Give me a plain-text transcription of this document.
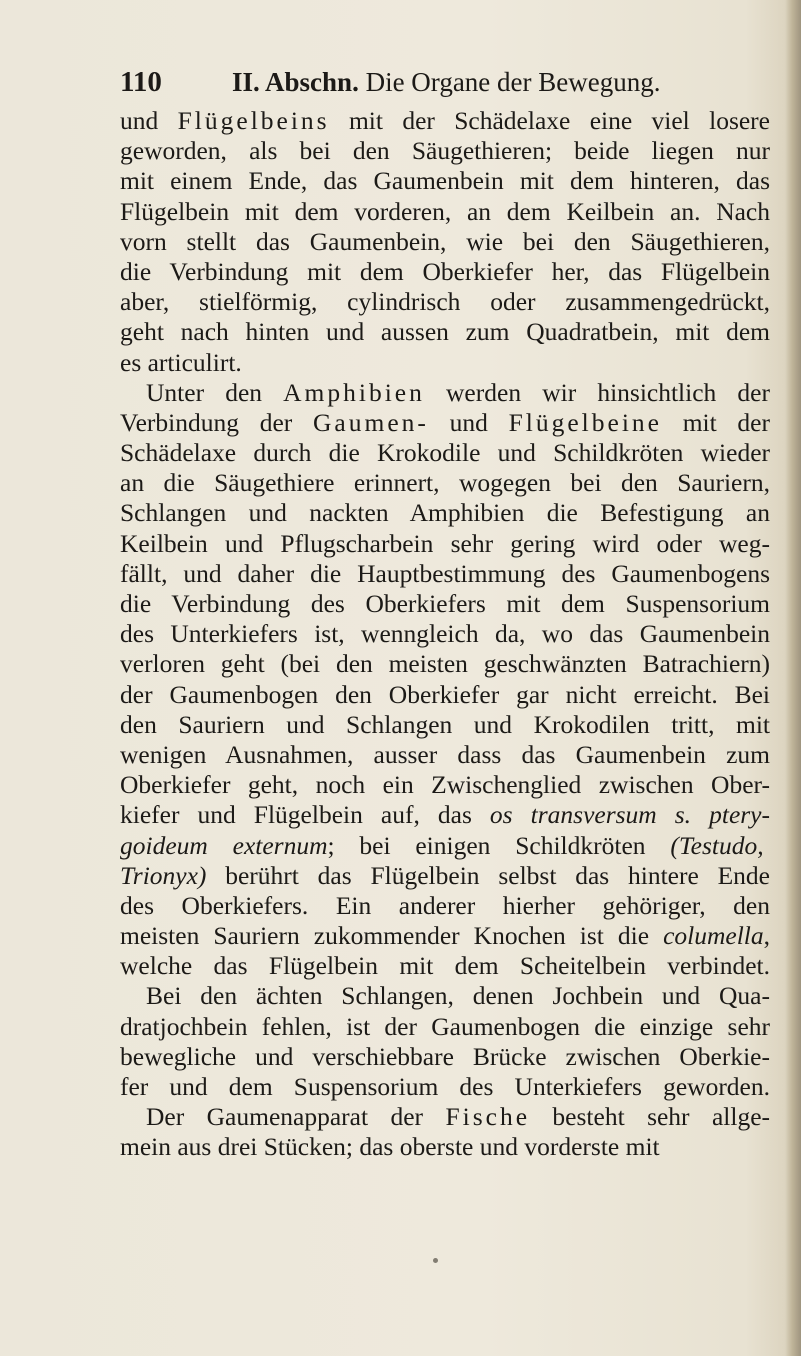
110	II. Abschn. Die Organe der Bewegung.
und Flügelbeins mit der Schädelaxe eine viel losere
geworden, als bei den Säugethieren; beide liegen nur
mit einem Ende, das Gaumenbein mit dem hinteren, das
Flügelbein mit dem vorderen, an dem Keilbein an. Nach
vorn stellt das Gaumenbein, wie bei den Säugethieren,
die Verbindung mit dem Oberkiefer her, das Flügelbein
aber, stielförmig, cylindrisch oder zusammengedrückt,
geht nach hinten und aussen zum Quadratbein, mit dem
es articulirt.
Unter den Amphibien werden wir hinsichtlich der
Verbindung der Gaumen- und Flügelbeine mit der
Schädelaxe durch die Krokodile und Schildkröten wieder
an die Säugethiere erinnert, wogegen bei den Sauriern,
Schlangen und nackten Amphibien die Befestigung an
Keilbein und Pflugscharbein sehr gering wird oder weg-
fällt, und daher die Hauptbestimmung des Gaumenbogens
die Verbindung des Oberkiefers mit dem Suspensorium
des Unterkiefers ist, wenngleich da, wo das Gaumenbein
verloren geht (bei den meisten geschwänzten Batrachiern)
der Gaumenbogen den Oberkiefer gar nicht erreicht. Bei
den Sauriern und Schlangen und Krokodilen tritt, mit
wenigen Ausnahmen, ausser dass das Gaumenbein zum
Oberkiefer geht, noch ein Zwischenglied zwischen Ober-
kiefer und Flügelbein auf, das os transversum s. ptery-
goideum externum; bei einigen Schildkröten (Testudo,
Trionyx) berührt das Flügelbein selbst das hintere Ende
des Oberkiefers. Ein anderer hierher gehöriger, den
meisten Sauriern zukommender Knochen ist die columella,
welche das Flügelbein mit dem Scheitelbein verbindet.
Bei den ächten Schlangen, denen Jochbein und Qua-
dratjochbein fehlen, ist der Gaumenbogen die einzige sehr
bewegliche und verschiebbare Brücke zwischen Oberkie-
fer und dem Suspensorium des Unterkiefers geworden.
Der Gaumenapparat der Fische besteht sehr allge-
mein aus drei Stücken; das oberste und vorderste mit
